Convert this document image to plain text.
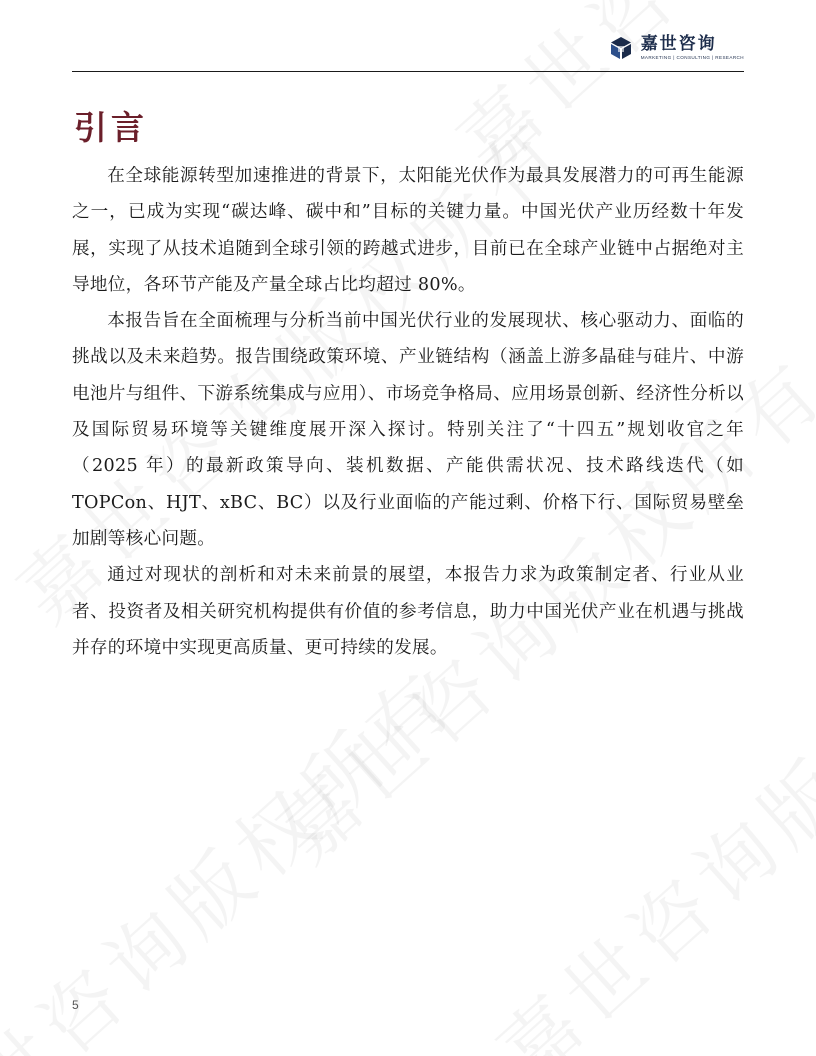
嘉世咨询
MARKETING | CONSULTING | RESEARCH
引言

在全球能源转型加速推进的背景下，太阳能光伏作为最具发展潜力的可再生能源之一，已成为实现“碳达峰、碳中和”目标的关键力量。中国光伏产业历经数十年发展，实现了从技术追随到全球引领的跨越式进步，目前已在全球产业链中占据绝对主导地位，各环节产能及产量全球占比均超过 80%。

本报告旨在全面梳理与分析当前中国光伏行业的发展现状、核心驱动力、面临的挑战以及未来趋势。报告围绕政策环境、产业链结构（涵盖上游多晶硅与硅片、中游电池片与组件、下游系统集成与应用）、市场竞争格局、应用场景创新、经济性分析以及国际贸易环境等关键维度展开深入探讨。特别关注了“十四五”规划收官之年（2025 年）的最新政策导向、装机数据、产能供需状况、技术路线迭代（如 TOPCon、HJT、xBC、BC）以及行业面临的产能过剩、价格下行、国际贸易壁垒加剧等核心问题。

通过对现状的剖析和对未来前景的展望，本报告力求为政策制定者、行业从业者、投资者及相关研究机构提供有价值的参考信息，助力中国光伏产业在机遇与挑战并存的环境中实现更高质量、更可持续的发展。

5
